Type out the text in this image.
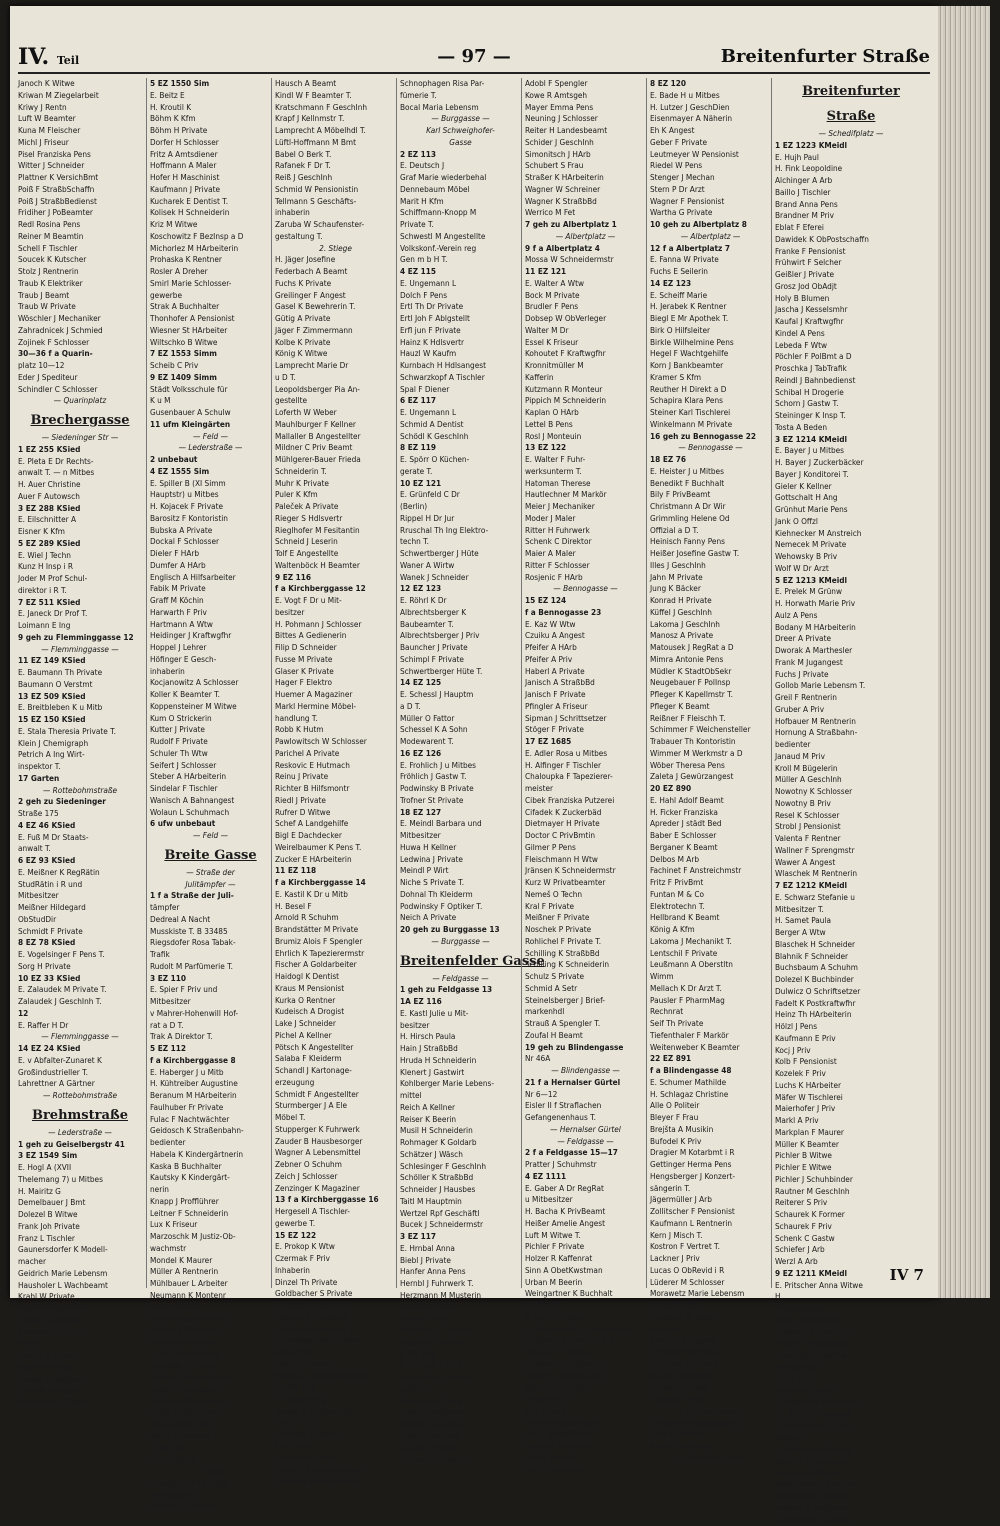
IV. Teil	— 97 —	Breitenfurter Straße
Janoch K Witwe
Kriwan M Ziegelarbeit
Kriwy J Rentn
Luft W Beamter
Kuna M Fleischer
Michl J Friseur
Pisel Franziska Pens
Witter J Schneider
Plattner K VersichBmt
Poiß F StraßbSchaffn
Poiß J StraßbBedienst
Fridiher J PoBeamter
Redl Rosina Pens
Reiner M Beamtin
Schell F Tischler
Soucek K Kutscher
Stolz J Rentnerin
Traub K Elektriker
Traub J Beamt
Traub W Private
Wöschler J Mechaniker
Zahradnicek J Schmied
Zojinek F Schlosser
30—36 f a Quarin-
platz 10—12
Eder J Spediteur
Schindler C Schlosser
— Quarinplatz
Brechergasse
— Siedeninger Str —
1 EZ 255 KSied
E. Pleta E Dr Rechts-
anwalt T. — n Mitbes
H. Auer Christine
Auer F Autowsch
3 EZ 288 KSied
E. Eilschnitter A
Eisner K Kfm
5 EZ 289 KSied
E. Wiel J Techn
Kunz H Insp i R
Joder M Prof Schul-
direktor i R T.
7 EZ 511 KSied
E. Janeck Dr Prof T.
Loimann E Ing
9 geh zu Flemminggasse 12
— Flemminggasse —
11 EZ 149 KSied
E. Baumann Th Private
Baumann O Verstmt
13 EZ 509 KSied
E. Breitbleben K u Mitb
15 EZ 150 KSied
E. Stala Theresia Private T.
Klein J Chemigraph
Petrich A Ing Wirt-
inspektor T.
17 Garten
— Rottebohmstraße
2 geh zu Siedeninger
Straße 175
4 EZ 46 KSied
E. Fuß M Dr Staats-
anwalt T.
6 EZ 93 KSied
E. Meißner K RegRätin
StudRätin i R und
Mitbesitzer
Meißner Hildegard
ObStudDir
Schmidt F Private
8 EZ 78 KSied
E. Vogelsinger F Pens T.
Sorg H Private
10 EZ 33 KSied
E. Zalaudek M Private T.
Zalaudek J GeschInh T.
12
E. Raffer H Dr
— Flemminggasse —
14 EZ 24 KSied
E. v Abfalter-Zunaret K
Großindustrieller T.
Lahrettner A Gärtner
— Rottebohmstraße
Brehmstraße
— Lederstraße —
1 geh zu Geiselbergstr 41
3 EZ 1549 Sim
E. Hogl A (XVII
Thelemang 7) u Mitbes
H. Mairitz G
Demelbauer J Bmt
Dolezel B Witwe
Frank Joh Private
Franz L Tischler
Gaunersdorfer K Modell-
macher
Geidrich Marie Lebensm
Hausholer L Wachbeamt
Krahl W Private
Krenz J Schuhmstr
Longin J Schmied
Neumaier O Feuer-
wehrm
Pekard A Private
Ritter H Private
Sladek A Fabrikarb
Sima M Stickerin
Weißmann J Diener
5 EZ 1550 Sim
E. Beitz E
H. Kroutil K
Böhm K Kfm
Böhm H Private
Dorfer H Schlosser
Fritz A Amtsdiener
Hoffmann A Maler
Hofer H Maschinist
Kaufmann J Private
Kucharek E Dentist T.
Kolisek H Schneiderin
Kriz M Witwe
Koschowitz F BezInsp a D
Michorlez M HArbeiterin
Prohaska K Rentner
Rosler A Dreher
Smirl Marie Schlosser-
gewerbe
Strak A Buchhalter
Thonhofer A Pensionist
Wiesner St HArbeiter
Wiltschko B Witwe
7 EZ 1553 Simm
Scheib C Priv
9 EZ 1409 Simm
Städt Volksschule für
K u M
Gusenbauer A Schulw
11 ufm Kleingärten
— Feld —
— Lederstraße —
2 unbebaut
4 EZ 1555 Sim
E. Spiller B (XI Simm
Hauptstr) u Mitbes
H. Kojacek F Private
Barositz F Kontoristin
Bubska A Private
Dockal F Schlosser
Dieler F HArb
Dumfer A HArb
Englisch A Hilfsarbeiter
Fabik M Private
Graff M Köchin
Harwarth F Priv
Hartmann A Wtw
Heidinger J Kraftwgfhr
Hoppel J Lehrer
Höfinger E Gesch-
inhaberin
Kocjanowitz A Schlosser
Koller K Beamter T.
Koppensteiner M Witwe
Kum O Strickerin
Kutter J Private
Rudolf F Private
Schuler Th Wtw
Seifert J Schlosser
Steber A HArbeiterin
Sindelar F Tischler
Wanisch A Bahnangest
Wolaun L Schuhmach
6 ufw unbebaut
— Feld —
Breite Gasse
— Straße der
Julitämpfer —
1 f a Straße der Juli-
tämpfer
Dedreal A Nacht
Musskiste T. B 33485
Riegsdofer Rosa Tabak-
Trafik
Rudolt M Parfümerie T.
3 EZ 110
E. Spier F Priv und
Mitbesitzer
v Mahrer-Hohenwill Hof-
rat a D T.
Trak A Direktor T.
5 EZ 112
f a Kirchberggasse 8
E. Haberger J u Mitb
H. Kühtreiber Augustine
Beranum M HArbeiterin
Faulhuber Fr Private
Fulac F Nachtwächter
Geidosch K Straßenbahn-
bedienter
Habela K Kindergärtnerin
Kaska B Buchhalter
Kautsky K Kindergärt-
nerin
Knapp J Profflührer
Leitner F Schneiderin
Lux K Friseur
Marzoschk M Justiz-Ob-
wachmstr
Mondel K Maurer
Müller A Rentnerin
Mühlbauer L Arbeiter
Neumann K Montenr
Pfaff F Private
Paula Renate Fürsorg
Pichler K Schlosser
Rumpler M Private
Schiel Elise Private
Schaßler J Private
Stödal K Handschuhm
Talgen A HArbeiterin
Thumser M Rentnerin
Unger J Bühnenmstr
Vodernuth E Verk
Blach E Montenr T.
7 EZ 114
E. Schmitz B
1. Stiege
Greutter D P Dr städt
BezirksArzt T.
Hamann K Bäcker
Hausch A Beamt
Kindl W F Beamter T.
Kratschmann F GeschInh
Krapf J Kellnmstr T.
Lamprecht A Möbelhdl T.
Lüftl-Hoffmann M Bmt
Babel O Berk T.
Rafanek F Dr T.
Reiß J GeschInh
Schmid W Pensionistin
Tellmann S Geschäfts-
inhaberin
Zaruba W Schaufenster-
gestaltung T.
2. Stiege
H. Jäger Josefine
Federbach A Beamt
Fuchs K Private
Greilinger F Angest
Gasel K Bewehrerin T.
Gütig A Private
Jäger F Zimmermann
Kolbe K Private
König K Witwe
Lamprecht Marie Dr
u D T.
Leopoldsberger Pia An-
gestellte
Loferth W Weber
Mauhlburger F Kellner
Mallaller B Angestellter
Mildner C Priv Beamt
Mühlgerer-Bauer Frieda
Schneiderin T.
Muhr K Private
Puler K Kfm
Paleček A Private
Rieger S Hdlsvertr
Rieglhofer M Fesitantin
Schneid J Leserin
Tolf E Angestellte
Waltenböck H Beamter
9 EZ 116
f a Kirchberggasse 12
E. Vogt F Dr u Mit-
besitzer
H. Pohmann J Schlosser
Bittes A Gedienerin
Filip D Schneider
Fusse M Private
Glaser K Private
Hager F Elektro
Huemer A Magaziner
Markl Hermine Möbel-
handlung T.
Robb K Hutm
Pawlowitsch W Schlosser
Parichel A Private
Reskovic E Hutmach
Reinu J Private
Richter B Hilfsmontr
Riedl J Private
Rufrer D Witwe
Schef A Landgehilfe
Bigl E Dachdecker
Weirelbaumer K Pens T.
Zucker E HArbeiterin
11 EZ 118
f a Kirchberggasse 14
E. Kastil K Dr u Mitb
H. Besel F
Arnold R Schuhm
Brandstätter M Private
Brumiz Alois F Spengler
Ehrlich K Tapezierermstr
Fischer A Goldarbeiter
Haidogl K Dentist
Kraus M Pensionist
Kurka O Rentner
Kudeisch A Drogist
Lake J Schneider
Pichel A Kellner
Pötsch K Angestellter
Salaba F Kleiderm
Schandl J Kartonage-
erzeugung
Schmidt F Angestellter
Sturmberger J A Ele
Möbel T.
Stupperger K Fuhrwerk
Zauder B Hausbesorger
Wagner A Lebensmittel
Zebner O Schuhm
Zeich J Schlosser
Zenzinger K Magaziner
13 f a Kirchberggasse 16
Hergesell A Tischler-
gewerbe T.
15 EZ 122
E. Prokop K Wtw
Czermak F Priv
Inhaberin
Dinzel Th Private
Goldbacher S Private
Hergesell A Möbelhdl
Mögner K StraßbBd
Schmid J Malermstr T.
Schwelner J Rauchfang-
kehrermstr
Seitz W Rentner
Wagner J StraßbBedienst
17 EZ 124
E. Engel A Ing
Binder K u Möbelhdg
T. B 34 175
Huschka A Beamt
Kral J Priv
Prohoska O Wtw
Schaub H Möbelhändler
Zimmerl Marie Anderer
Schnophagen Risa Par-
fümerie T.
Bocal Maria Lebensm
— Burggasse —
Karl Schweighofer-
Gasse
2 EZ 113
E. Deutsch J
Graf Marie wiederbehal
Dennebaum Möbel
Marit H Kfm
Schiffmann-Knopp M
Private T.
Schwestl M Angestellte
Volkskonf.-Verein reg
Gen m b H T.
4 EZ 115
E. Ungemann L
Dolch F Pens
Ertl Th Dr Private
Ertl Joh F Ablgstellt
Erfl jun F Private
Hainz K Hdlsvertr
Hauzl W Kaufm
Kurnbach H Hdlsangest
Schwarzkopf A Tischler
Spal F Diener
6 EZ 117
E. Ungemann L
Schmid A Dentist
Schödl K GeschInh
8 EZ 119
E. Spörr O Küchen-
gerate T.
10 EZ 121
E. Grünfeld C Dr
(Berlin)
Rippel H Dr Jur
Rruschal Th Ing Elektro-
techn T.
Schwertberger J Hüte
Waner A Wirtw
Wanek J Schneider
12 EZ 123
E. Röhrl K Dr
Albrechtsberger K
Baubeamter T.
Albrechtsberger J Priv
Bauncher J Private
Schimpl F Private
Schwertberger Hüte T.
14 EZ 125
E. Schessl J Hauptm
a D T.
Müller O Fattor
Schessel K A Sohn
Modewarent T.
16 EZ 126
E. Frohlich J u Mitbes
Fröhlich J Gastw T.
Podwinsky B Private
Trofner St Private
18 EZ 127
E. Meindl Barbara und
Mitbesitzer
Huwa H Kellner
Ledwina J Private
Meindl P Wirt
Niche S Private T.
Dohnal Th Kleiderm
Podwinsky F Optiker T.
Neich A Private
20 geh zu Burggasse 13
— Burggasse —
Breitenfelder Gasse
— Feldgasse —
1 geh zu Feldgasse 13
1A EZ 116
E. Kastl Julie u Mit-
besitzer
H. Hirsch Paula
Hain J StraßbBd
Hruda H Schneiderin
Klenert J Gastwirt
Kohlberger Marie Lebens-
mittel
Reich A Kellner
Reiser K Beerin
Musil H Schneiderin
Rohmager K Goldarb
Schätzer J Wäsch
Schlesinger F GeschInh
Schöller K StraßbBd
Schneider J Hausbes
Taitl M Hauptmin
Wertzel Rpf Geschäftl
Bucek J Schneidermstr
3 EZ 117
E. Hrnbal Anna
Biebl J Private
Hanfer Anna Pens
Hernbl J Fuhrwerk T.
Herzmann M Musterin
Potschek E Priv
Wanek O Bmt
Waldchin A Tischler
Walenta A Maurer
5 EZ 118
E. Winkler L Dr T.
H. Kobah F Lebens-
mittel T.
Bezecyna K Pens
Fiala E Straßnerin
Feilwitzl J Gürtler
Gebr F Harrhard
Gruber J Private
Hruban J Schuhmstr
Adobl F Spengler
Kowe R Amtsgeh
Mayer Emma Pens
Neuning J Schlosser
Reiter H Landesbeamt
Schider J GeschInh
Simonitsch J HArb
Schubert S Frau
Straßer K HArbeiterin
Wagner W Schreiner
Wagner K StraßbBd
Werrico M Fet
7 geh zu Albertplatz 1
— Albertplatz —
9 f a Albertplatz 4
Mossa W Schneidermstr
11 EZ 121
E. Walter A Wtw
Bock M Private
Brudler F Pens
Dobsep W ObVerleger
Walter M Dr
Essel K Friseur
Kohoutet F Kraftwgfhr
Kronnitmüller M
Kafferin
Kutzmann R Monteur
Pippich M Schneiderin
Kaplan O HArb
Lettel B Pens
Rosl J Monteuin
13 EZ 122
E. Walter F Fuhr-
werksunterm T.
Hatoman Therese
Hautlechner M Markör
Meier J Mechaniker
Moder J Maler
Ritter H Fuhrwerk
Schenk C Direktor
Maier A Maler
Ritter F Schlosser
Rosjenic F HArb
— Bennogasse —
15 EZ 124
f a Bennogasse 23
E. Kaz W Wtw
Czuiku A Angest
Pfeifer A HArb
Pfeifer A Priv
Haberl A Private
Janisch A StraßbBd
Janisch F Private
Pfingler A Friseur
Sipman J Schrittsetzer
Stöger F Private
17 EZ 1685
E. Adler Rosa u Mitbes
H. Alfinger F Tischler
Chaloupka F Tapezierer-
meister
Cibek Franziska Putzerei
Cifadek K Zuckerbäd
Dietmayer H Private
Doctor C PrivBmtin
Gilmer P Pens
Fleischmann H Wtw
Jränsen K Schneidermstr
Kurz W Privatbeamter
Nemeš O Techn
Kral F Private
Meißner F Private
Noschek P Private
Rohlichel F Private T.
Schilling K StraßbBd
Schilling K Schneiderin
Schulz S Private
Schmid A Setr
Steinelsberger J Brief-
markenhdl
Strauß A Spengler T.
Zoufal H Beamt
19 geh zu Blindengasse
Nr 46A
— Blindengasse —
21 f a Hernalser Gürtel
Nr 6—12
Eisler II f Straflachen
Gefangenenhaus T.
— Hernalser Gürtel
— Feldgasse —
2 f a Feldgasse 15—17
Pratter J Schuhmstr
4 EZ 1111
E. Gaber A Dr RegRat
u Mitbesitzer
H. Bacha K PrivBeamt
Heißer Amelie Angest
Luft M Witwe T.
Pichler F Private
Holzer R Kaffenrat
Sinn A ObetKwstman
Urban M Beerin
Weingartner K Buchhalt
6 EZ 119
E. Gerstl C Wtw
H. Brandstetter J Drechslerei
Gasparini C Amtsrat a D
Kappler H Private
Hruban J Schriftsetzer
Kropf M Landesbeamt
Koblitz A Schulrat
Direktor a D T.
Kral A Pens
Maier H Bankangest
Palt J TelegrObOff
Wendt F Buchhalt
Wolf F Private
Würl E GeschInh
8 EZ 120
E. Bade H u Mitbes
H. Lutzer J GeschDien
Eisenmayer A Näherin
Eh K Angest
Geber F Private
Leutmeyer W Pensionist
Riedel W Pens
Stenger J Mechan
Stern P Dr Arzt
Wagner F Pensionist
Wartha G Private
10 geh zu Albertplatz 8
— Albertplatz —
12 f a Albertplatz 7
E. Fanna W Private
Fuchs E Seilerin
14 EZ 123
E. Scheiff Marie
H. Jerabek K Rentner
Biegl E Mr Apothek T.
Birk O Hilfsleiter
Birkle Wilhelmine Pens
Hegel F Wachtgehilfe
Korn J Bankbeamter
Kramer S Kfm
Reuther H Direkt a D
Schapira Klara Pens
Steiner Karl Tischlerei
Winkelmann M Private
16 geh zu Bennogasse 22
— Bennogasse —
18 EZ 76
E. Heister J u Mitbes
Benedikt F Buchhalt
Bily F PrivBeamt
Christmann A Dr Wir
Grimmling Helene Od
Offizial a D T.
Heinisch Fanny Pens
Heißer Josefine Gastw T.
Illes J GeschInh
Jahn M Private
Jung K Bäcker
Konrad H Private
Küffel J GeschInh
Lakoma J GeschInh
Manosz A Private
Matousek J RegRat a D
Mimra Antonie Pens
Müdler K StadtObSekr
Neugebauer F PolInsp
Pfleger K Kapellmstr T.
Pfleger K Beamt
Reißner F Fleischh T.
Schimmer F Weichensteller
Trabauer Th Kontoristin
Wimmer M Werkmstr a D
Wöber Theresa Pens
Zaleta J Gewürzangest
20 EZ 890
E. Hahl Adolf Beamt
H. Ficker Franziska
Apreder J städt Bed
Baber E Schlosser
Berganer K Beamt
Delbos M Arb
Fachinet F Anstreichmstr
Fritz F PrivBmt
Funtan M & Co
Elektrotechn T.
Hellbrand K Beamt
König A Kfm
Lakoma J Mechanikt T.
Lentschil F Private
Leußmann A Oberstltn
Wimm
Mellach K Dr Arzt T.
Pausler F PharmMag
Rechnrat
Seif Th Private
Tiefenthaler F Markör
Weitenweber K Beamter
22 EZ 891
f a Blindengasse 48
E. Schumer Mathilde
H. Schlagaz Christine
Alle O Politeir
Bleyer F Frau
Brejšta A Musikin
Bufodel K Priv
Dragier M Kotarbmt i R
Gettinger Herma Pens
Hengsberger J Konzert-
sängerin T.
Jägermüller J Arb
Zollitscher F Pensionist
Kaufmann L Rentnerin
Kern J Misch T.
Kostron F Vertret T.
Lackner J Priv
Lucas O ObRevid i R
Lüderer M Schlosser
Morawetz Marie Lebensm
Melzer K Pens
Proffliner W Silber-
schmied
Reinisch K Angest
Scherrer M Private
Sigmund K Private
Stoda K Konditor
Swoba J Angest
Zelasko F Pens
— Blindengasse —
24 geh zu Blindeng 51
26 f a Gürtel
Koller E Papierwe
— Hernalser Gürtel
Breitenfurter
Straße
— Schedifplatz —
1 EZ 1223 KMeidl
E. Hujh Paul
H. Fink Leopoldine
Alchinger A Arb
Baillo J Tischler
Brand Anna Pens
Brandner M Priv
Eblat F Eferei
Dawidek K ObPostschaffn
Franke F Pensionist
Frühwirt F Selcher
Geißler J Private
Grosz Jod ObAdjt
Holy B Blumen
Jascha J Kesselsmhr
Kaufal J Kraftwgfhr
Kindel A Pens
Lebeda F Wtw
Pöchler F PolBmt a D
Proschka J TabTrafik
Reindl J Bahnbedienst
Schibal H Drogerie
Schorn J Gastw T.
Steininger K Insp T.
Tosta A Beden
3 EZ 1214 KMeidl
E. Bayer J u Mitbes
H. Bayer J Zuckerbäcker
Bayer J Konditorei T.
Gieler K Kellner
Gottschalt H Ang
Grünhut Marie Pens
Jank O Offzl
Kiehnecker M Anstreich
Nemecek M Private
Wehowsky B Priv
Wolf W Dr Arzt
5 EZ 1213 KMeidl
E. Prelek M Grünw
H. Horwath Marie Priv
Aulz A Pens
Bodany M HArbeiterin
Dreer A Private
Dworak A Marthesler
Frank M Jugangest
Fuchs J Private
Gollob Marie Lebensm T.
Greil F Rentnerin
Gruber A Priv
Hofbauer M Rentnerin
Hornung A Straßbahn-
bedienter
Janaud M Priv
Kroll M Bügelerin
Müller A GeschInh
Nowotny K Schlosser
Nowotny B Priv
Resel K Schlosser
Strobl J Pensionist
Valenta F Rentner
Wallner F Sprengmstr
Wawer A Angest
Wlaschek M Rentnerin
7 EZ 1212 KMeidl
E. Schwarz Stefanie u
Mitbesitzer T.
H. Samet Paula
Berger A Wtw
Blaschek H Schneider
Blahnik F Schneider
Buchsbaum A Schuhm
Dolezel K Buchbinder
Dulwicz O Schriftsetzer
Fadelt K Postkraftwfhr
Heinz Th HArbeiterin
Hölzl J Pens
Kaufmann E Priv
Kocj J Priv
Kolb F Pensionist
Kozelek F Priv
Luchs K HArbeiter
Mäfer W Tischlerei
Maierhofer J Priv
Markl A Priv
Markplan F Maurer
Müller K Beamter
Pichler B Witwe
Pichler E Witwe
Pichler J Schuhbinder
Rautner M GeschInh
Reiterer S Priv
Schaurek K Former
Schaurek F Priv
Schenk C Gastw
Schiefer J Arb
Werzl A Arb
9 EZ 1211 KMeidl
E. Pritscher Anna Witwe
H.
Dangl Agnes
Feibl J Pensionistin
Friedrich A GeschInh
Fritsch F Mechaniker
Kramreiter Josefine
Parfümerie T.
Polt K Pens
Rosbonil J Binder
Schlagradl J Maschinist
11 EZ 1210 KMeidl
E. Millbacher F u Mit-
besitzer
H. Neißner Katharina
Baloh A HArbeiterin
Bernsch M Private
Bittermann A Rentner
Frankhauser J Kellner
Fraßner C Stepperin
Fuchsgruber J Bedien
IV 7
